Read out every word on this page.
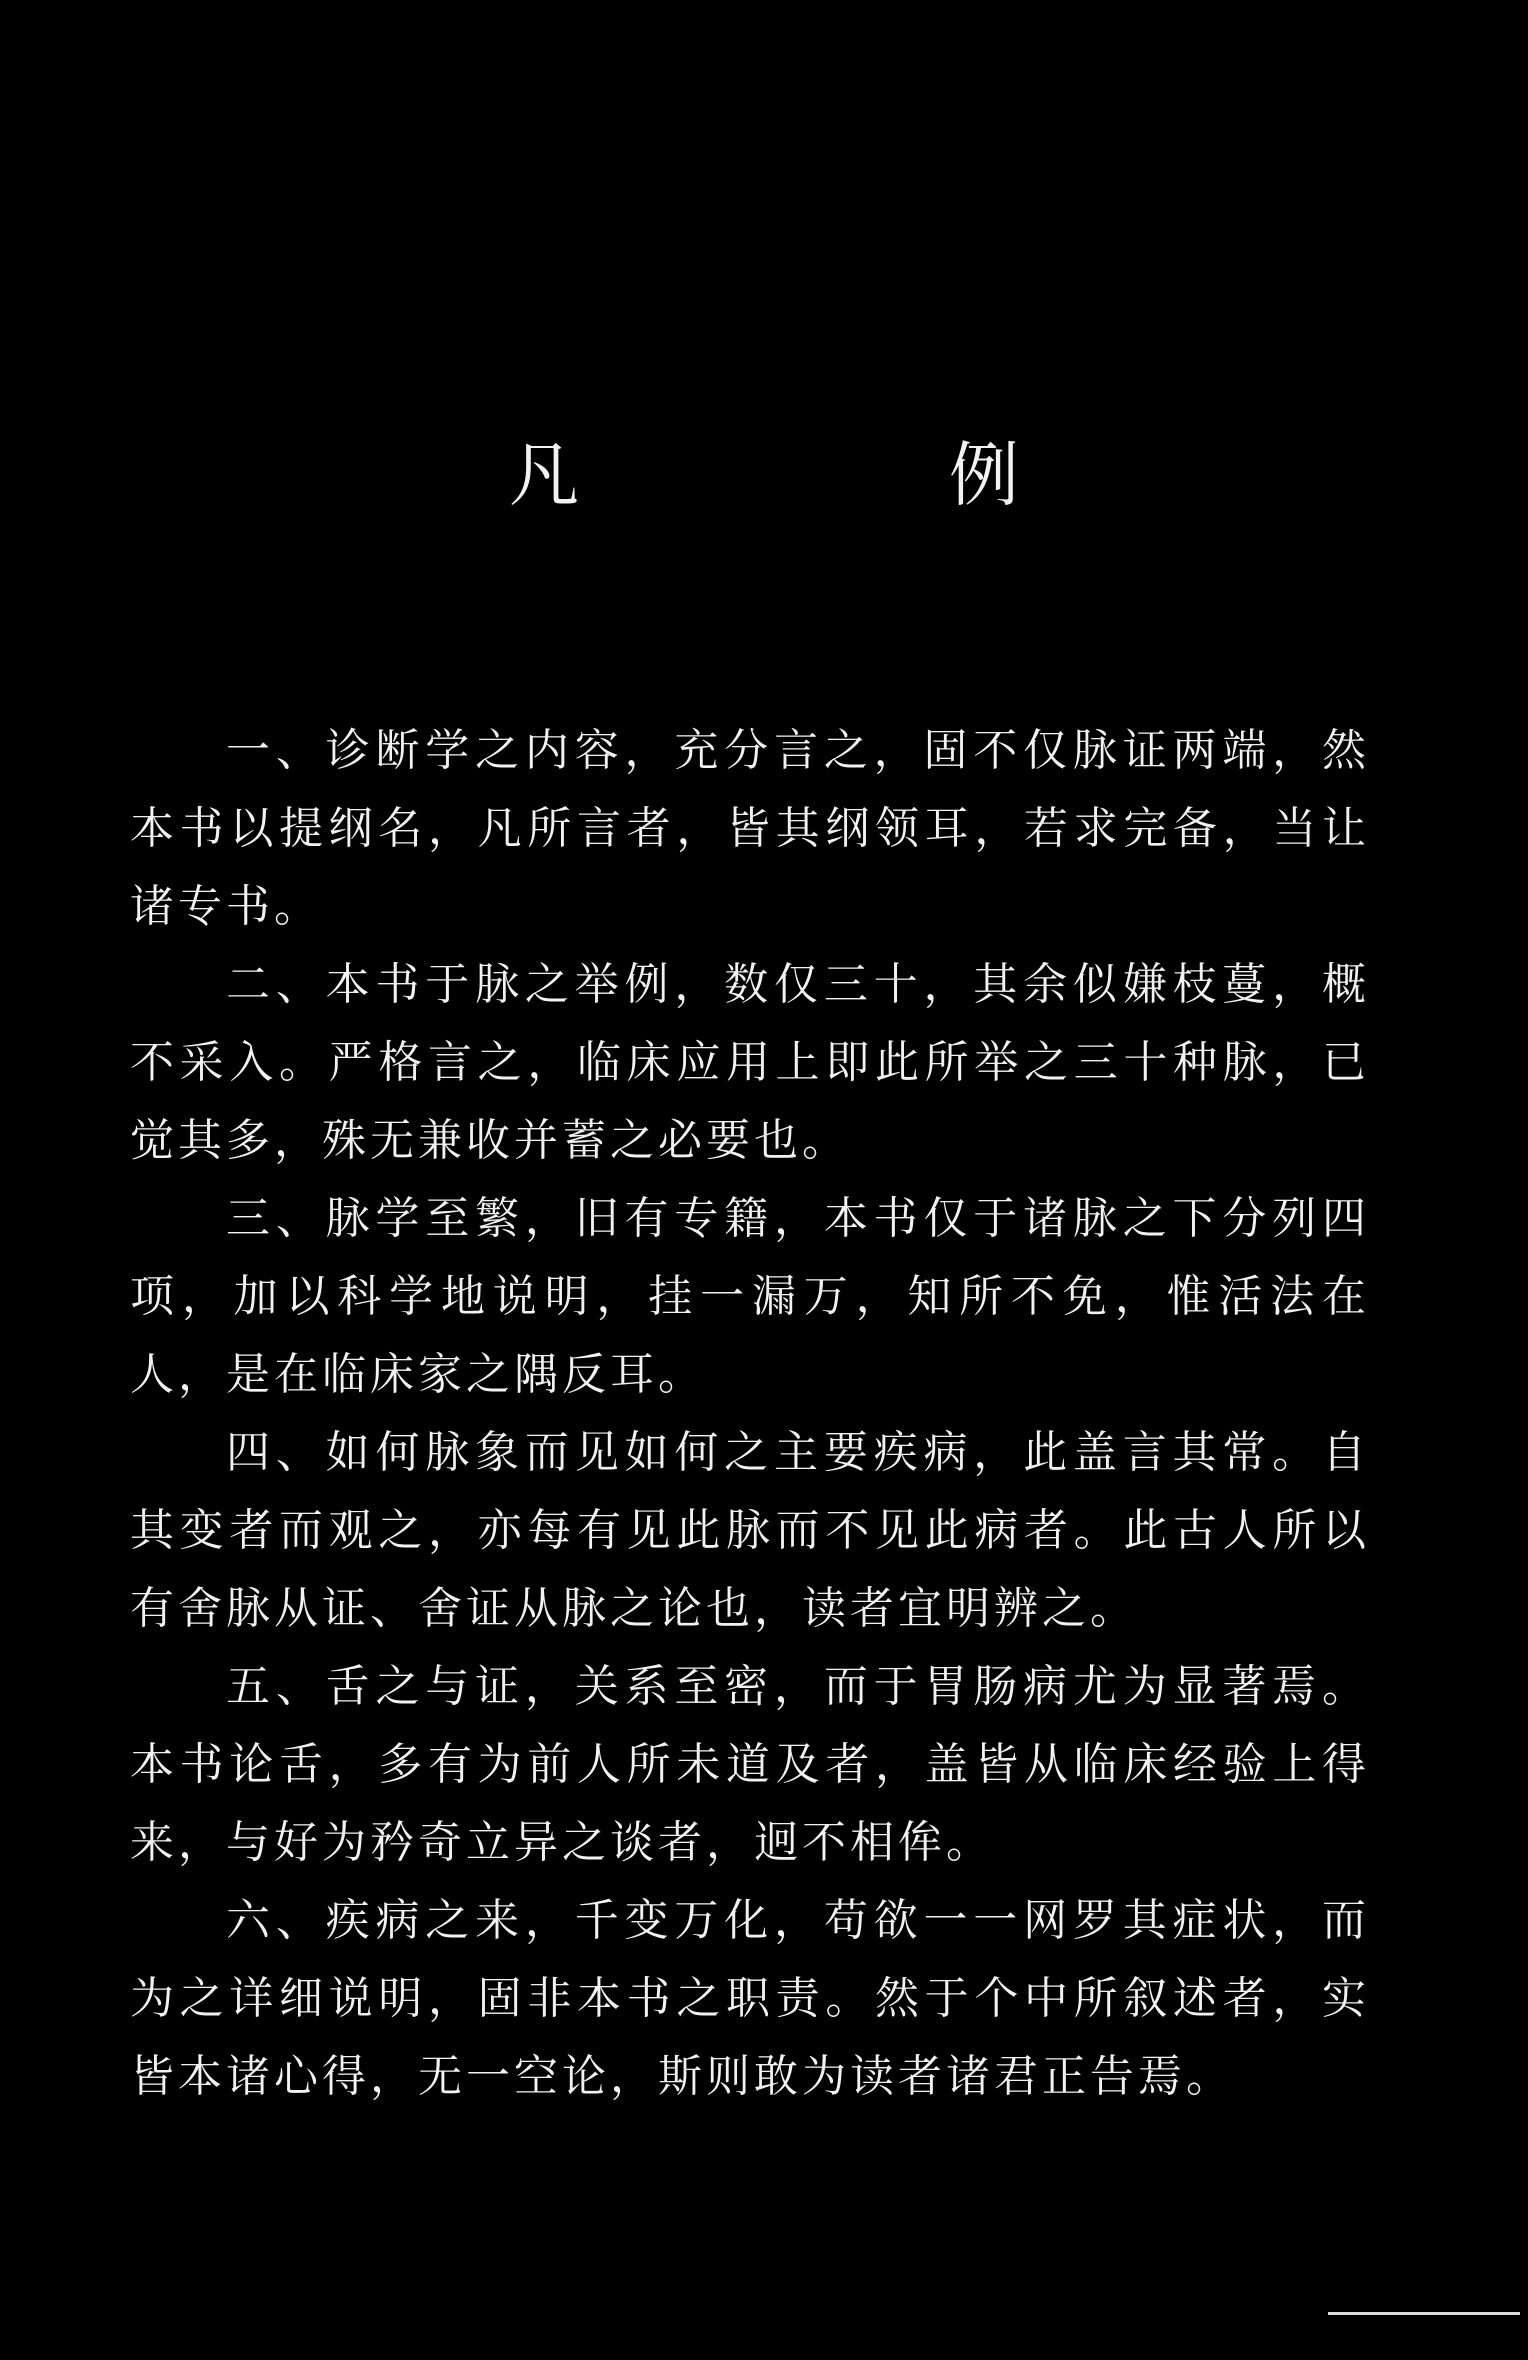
凡　例

一、诊断学之内容，充分言之，固不仅脉证两端，然本书以提纲名，凡所言者，皆其纲领耳，若求完备，当让诸专书。

二、本书于脉之举例，数仅三十，其余似嫌枝蔓，概不采入。严格言之，临床应用上即此所举之三十种脉，已觉其多，殊无兼收并蓄之必要也。

三、脉学至繁，旧有专籍，本书仅于诸脉之下分列四项，加以科学地说明，挂一漏万，知所不免，惟活法在人，是在临床家之隅反耳。

四、如何脉象而见如何之主要疾病，此盖言其常。自其变者而观之，亦每有见此脉而不见此病者。此古人所以有舍脉从证、舍证从脉之论也，读者宜明辨之。

五、舌之与证，关系至密，而于胃肠病尤为显著焉。本书论舌，多有为前人所未道及者，盖皆从临床经验上得来，与好为矜奇立异之谈者，迥不相侔。

六、疾病之来，千变万化，苟欲一一网罗其症状，而为之详细说明，固非本书之职责。然于个中所叙述者，实皆本诸心得，无一空论，斯则敢为读者诸君正告焉。
